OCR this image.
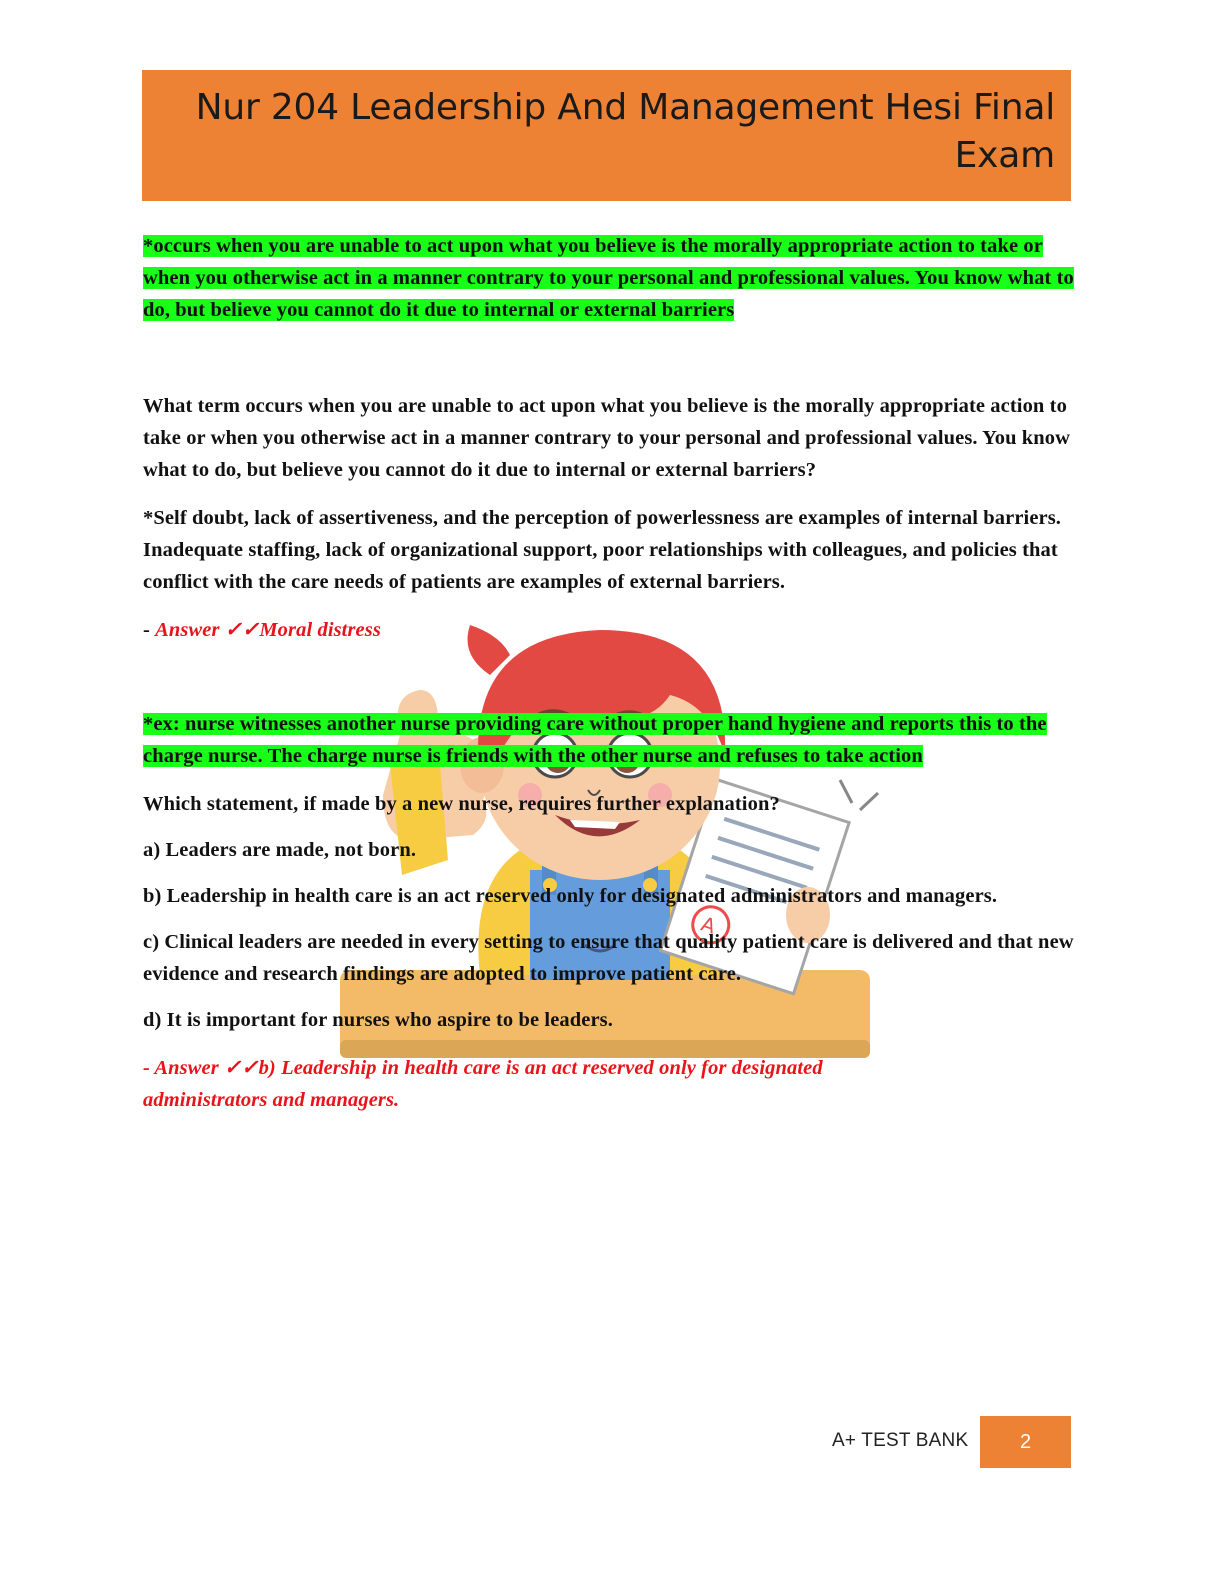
Nur 204 Leadership And Management Hesi Final Exam
A

*occurs when you are unable to act upon what you believe is the morally appropriate action to take or when you otherwise act in a manner contrary to your personal and professional values. You know what to do, but believe you cannot do it due to internal or external barriers

What term occurs when you are unable to act upon what you believe is the morally appropriate action to take or when you otherwise act in a manner contrary to your personal and professional values. You know what to do, but believe you cannot do it due to internal or external barriers?

*Self doubt, lack of assertiveness, and the perception of powerlessness are examples of internal barriers. Inadequate staffing, lack of organizational support, poor relationships with colleagues, and policies that conflict with the care needs of patients are examples of external barriers.

- Answer ✓✓Moral distress

*ex: nurse witnesses another nurse providing care without proper hand hygiene and reports this to the charge nurse. The charge nurse is friends with the other nurse and refuses to take action

Which statement, if made by a new nurse, requires further explanation?

a) Leaders are made, not born.

b) Leadership in health care is an act reserved only for designated administrators and managers.

c) Clinical leaders are needed in every setting to ensure that quality patient care is delivered and that new evidence and research findings are adopted to improve patient care.

d) It is important for nurses who aspire to be leaders.

- Answer ✓✓b) Leadership in health care is an act reserved only for designated administrators and managers.

A+ TEST BANK	2
